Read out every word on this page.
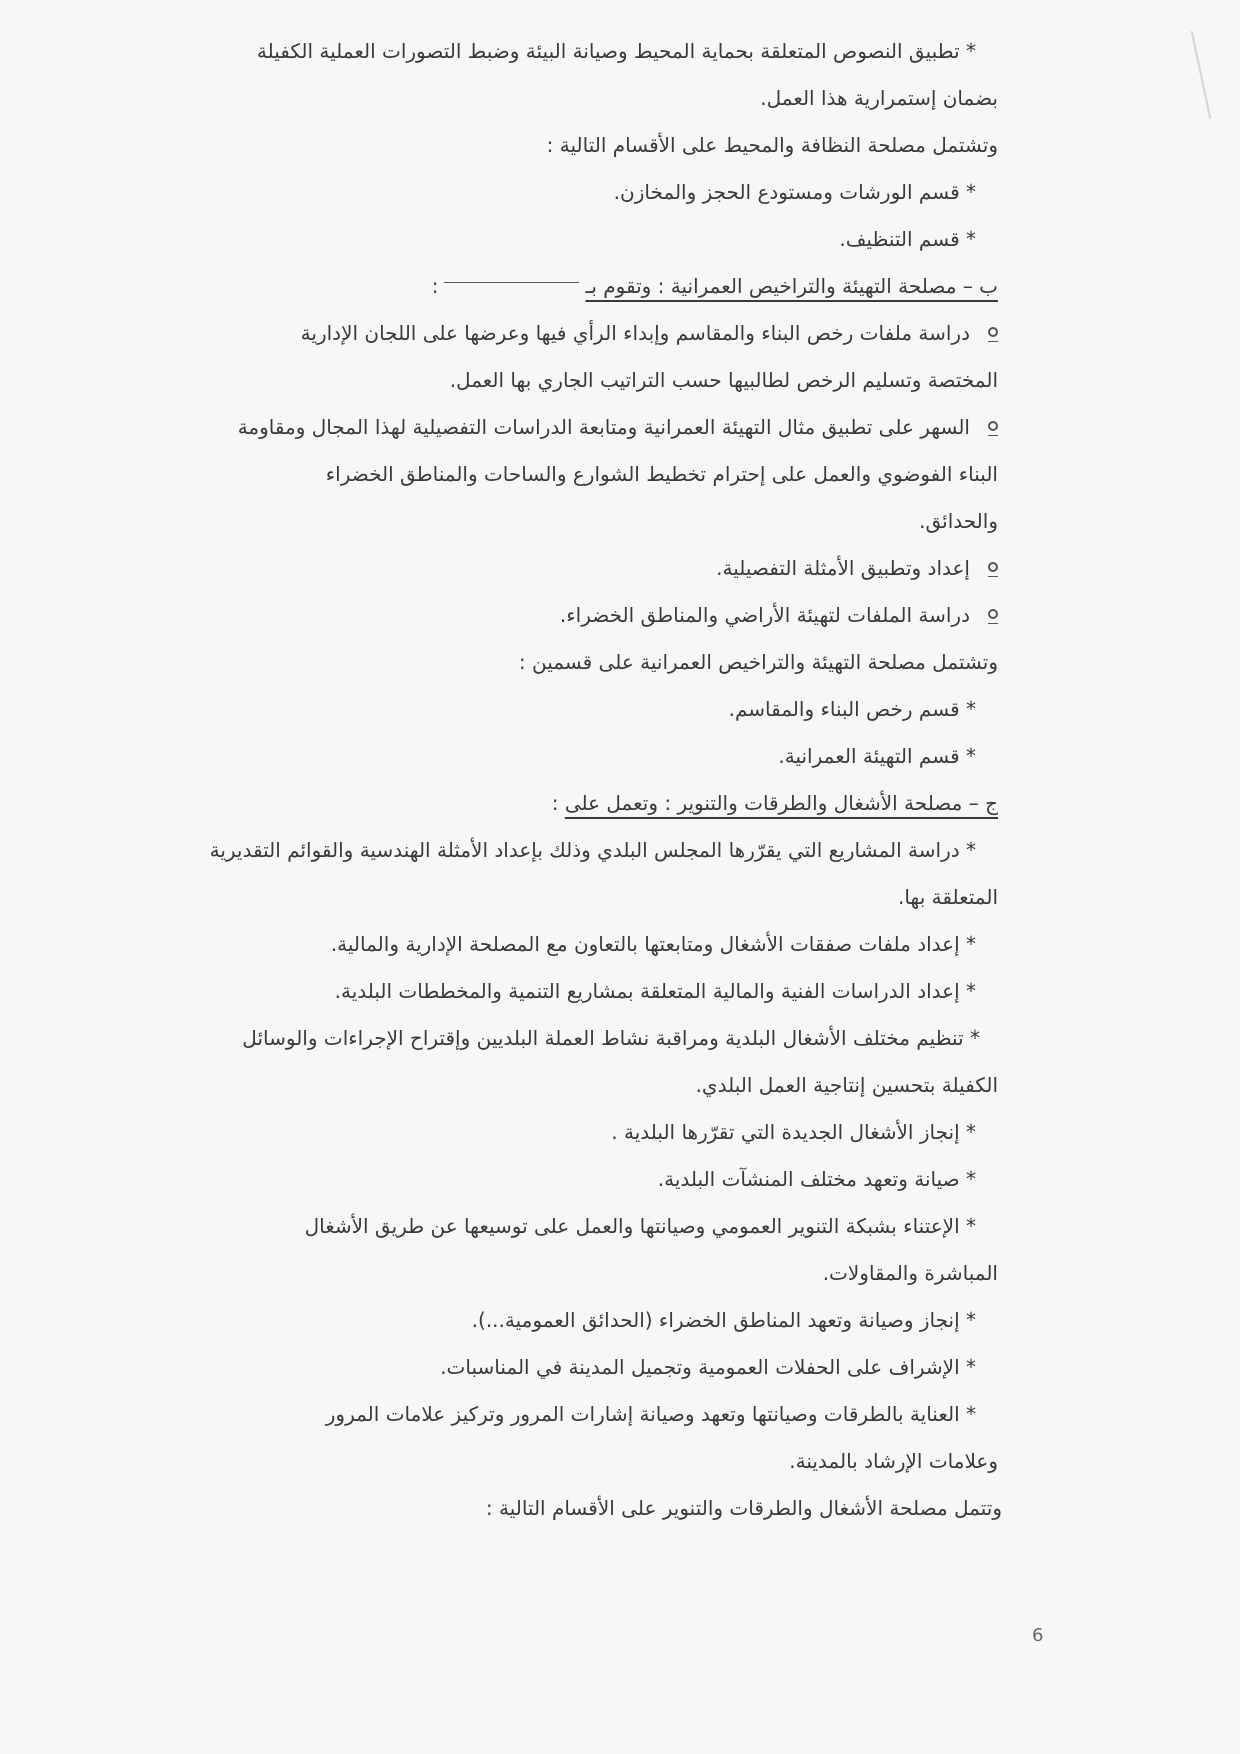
* تطبيق النصوص المتعلقة بحماية المحيط وصيانة البيئة وضبط التصورات العملية الكفيلة

بضمان إستمرارية هذا العمل.

وتشتمل مصلحة النظافة والمحيط على الأقسام التالية :

* قسم الورشات ومستودع الحجز والمخازن.

* قسم التنظيف.

ب – مصلحة التهيئة والتراخيص العمرانية : وتقوم بـ:

دراسة ملفات رخص البناء والمقاسم وإبداء الرأي فيها وعرضها على اللجان الإدارية

المختصة وتسليم الرخص لطالبيها حسب التراتيب الجاري بها العمل.

السهر على تطبيق مثال التهيئة العمرانية ومتابعة الدراسات التفصيلية لهذا المجال ومقاومة

البناء الفوضوي والعمل على إحترام تخطيط الشوارع والساحات والمناطق الخضراء

والحدائق.

إعداد وتطبيق الأمثلة التفصيلية.

دراسة الملفات لتهيئة الأراضي والمناطق الخضراء.

وتشتمل مصلحة التهيئة والتراخيص العمرانية على قسمين :

* قسم رخص البناء والمقاسم.

* قسم التهيئة العمرانية.

ج – مصلحة الأشغال والطرقات والتنوير : وتعمل على :

* دراسة المشاريع التي يقرّرها المجلس البلدي وذلك بإعداد الأمثلة الهندسية والقوائم التقديرية

المتعلقة بها.

* إعداد ملفات صفقات الأشغال ومتابعتها بالتعاون مع المصلحة الإدارية والمالية.

* إعداد الدراسات الفنية والمالية المتعلقة بمشاريع التنمية والمخططات البلدية.

* تنظيم مختلف الأشغال البلدية ومراقبة نشاط العملة البلديين وإقتراح الإجراءات والوسائل

الكفيلة بتحسين إنتاجية العمل البلدي.

* إنجاز الأشغال الجديدة التي تقرّرها البلدية .

* صيانة وتعهد مختلف المنشآت البلدية.

* الإعتناء بشبكة التنوير العمومي وصيانتها والعمل على توسيعها عن طريق الأشغال

المباشرة والمقاولات.

* إنجاز وصيانة وتعهد المناطق الخضراء (الحدائق العمومية...).

* الإشراف على الحفلات العمومية وتجميل المدينة في المناسبات.

* العناية بالطرقات وصيانتها وتعهد وصيانة إشارات المرور وتركيز علامات المرور

وعلامات الإرشاد بالمدينة.

وتتمل مصلحة الأشغال والطرقات والتنوير على الأقسام التالية :

6
